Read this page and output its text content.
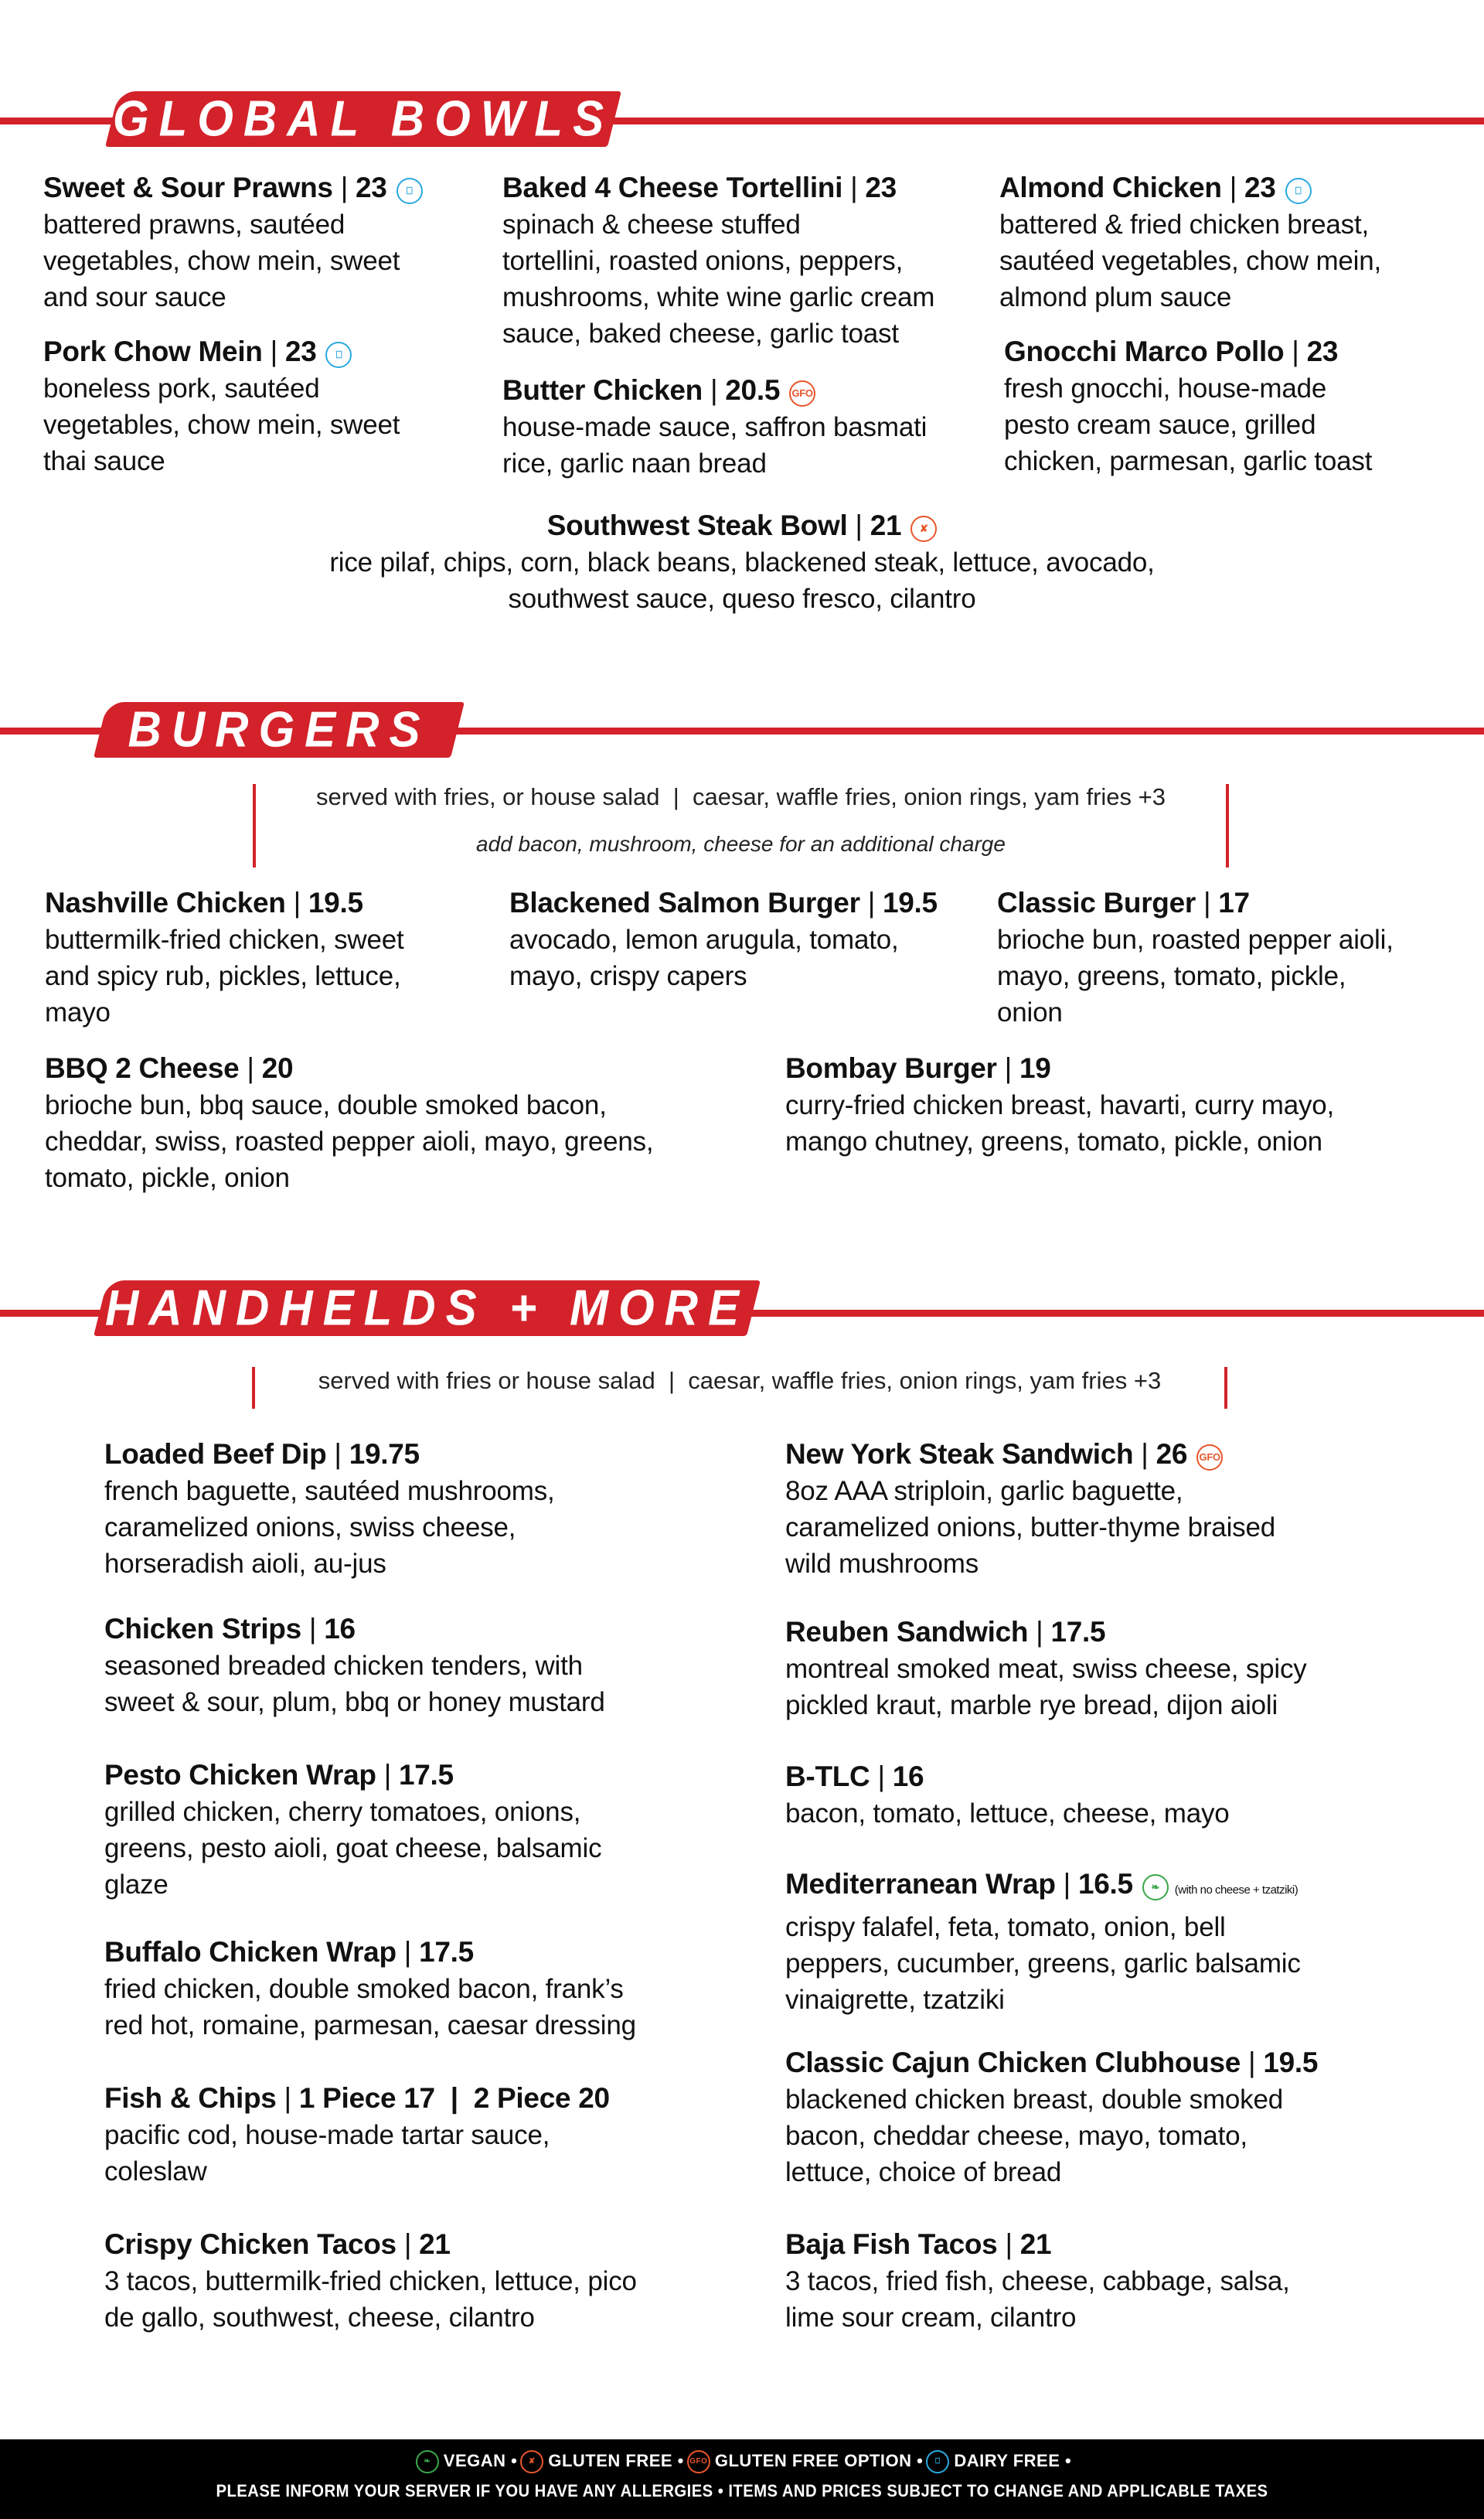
GLOBAL BOWLS
BURGERS
served with fries, or house salad  |  caesar, waffle fries, onion rings, yam fries +3
add bacon, mushroom, cheese for an additional charge
HANDHELDS + MORE
served with fries or house salad  |  caesar, waffle fries, onion rings, yam fries +3
Sweet & Sour Prawns | 23 ⎕
battered prawns, sautéed
vegetables, chow mein, sweet
and sour sauce
Pork Chow Mein | 23 ⎕
boneless pork, sautéed
vegetables, chow mein, sweet
thai sauce
Baked 4 Cheese Tortellini | 23
spinach & cheese stuffed
tortellini, roasted onions, peppers,
mushrooms, white wine garlic cream
sauce, baked cheese, garlic toast
Butter Chicken | 20.5 GFO
house-made sauce, saffron basmati
rice, garlic naan bread
Almond Chicken | 23 ⎕
battered & fried chicken breast,
sautéed vegetables, chow mein,
almond plum sauce
Gnocchi Marco Pollo | 23
fresh gnocchi, house-made
pesto cream sauce, grilled
chicken, parmesan, garlic toast
Southwest Steak Bowl | 21 ✘
rice pilaf, chips, corn, black beans, blackened steak, lettuce, avocado,
southwest sauce, queso fresco, cilantro
Nashville Chicken | 19.5
buttermilk-fried chicken, sweet
and spicy rub, pickles, lettuce,
mayo
Blackened Salmon Burger | 19.5
avocado, lemon arugula, tomato,
mayo, crispy capers
Classic Burger | 17
brioche bun, roasted pepper aioli,
mayo, greens, tomato, pickle,
onion
BBQ 2 Cheese | 20
brioche bun, bbq sauce, double smoked bacon,
cheddar, swiss, roasted pepper aioli, mayo, greens,
tomato, pickle, onion
Bombay Burger | 19
curry-fried chicken breast, havarti, curry mayo,
mango chutney, greens, tomato, pickle, onion
Loaded Beef Dip | 19.75
french baguette, sautéed mushrooms,
caramelized onions, swiss cheese,
horseradish aioli, au-jus
Chicken Strips | 16
seasoned breaded chicken tenders, with
sweet & sour, plum, bbq or honey mustard
Pesto Chicken Wrap | 17.5
grilled chicken, cherry tomatoes, onions,
greens, pesto aioli, goat cheese, balsamic
glaze
Buffalo Chicken Wrap | 17.5
fried chicken, double smoked bacon, frank’s
red hot, romaine, parmesan, caesar dressing
Fish & Chips | 1 Piece 17  |  2 Piece 20
pacific cod, house-made tartar sauce,
coleslaw
Crispy Chicken Tacos | 21
3 tacos, buttermilk-fried chicken, lettuce, pico
de gallo, southwest, cheese, cilantro
New York Steak Sandwich | 26 GFO
8oz AAA striploin, garlic baguette,
caramelized onions, butter-thyme braised
wild mushrooms
Reuben Sandwich | 17.5
montreal smoked meat, swiss cheese, spicy
pickled kraut, marble rye bread, dijon aioli
B-TLC | 16
bacon, tomato, lettuce, cheese, mayo
Mediterranean Wrap | 16.5 ❧ (with no cheese + tzatziki)
crispy falafel, feta, tomato, onion, bell
peppers, cucumber, greens, garlic balsamic
vinaigrette, tzatziki
Classic Cajun Chicken Clubhouse | 19.5
blackened chicken breast, double smoked
bacon, cheddar cheese, mayo, tomato,
lettuce, choice of bread
Baja Fish Tacos | 21
3 tacos, fried fish, cheese, cabbage, salsa,
lime sour cream, cilantro
❧ VEGAN • ✘ GLUTEN FREE • GFO GLUTEN FREE OPTION • ⎕ DAIRY FREE •
PLEASE INFORM YOUR SERVER IF YOU HAVE ANY ALLERGIES • ITEMS AND PRICES SUBJECT TO CHANGE AND APPLICABLE TAXES
